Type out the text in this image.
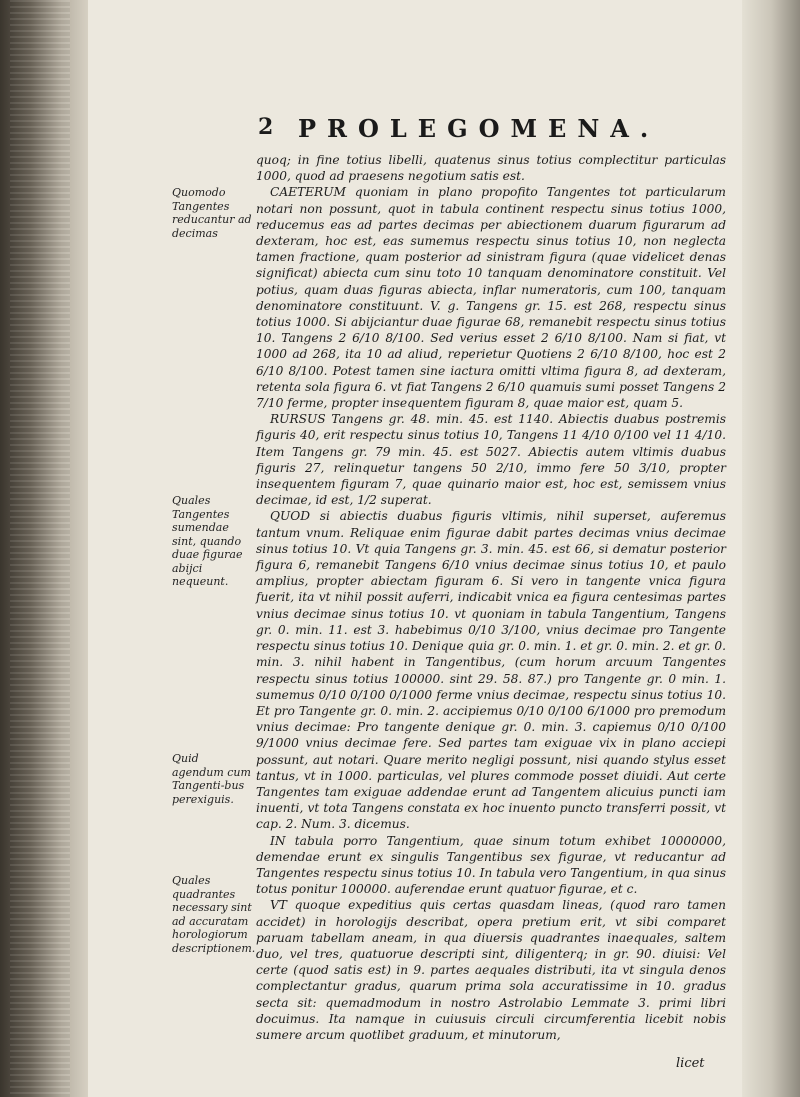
2 PROLEGOMENA.

quoq; in fine totius libelli, quatenus sinus totius complectitur particulas 1000, quod ad praesens negotium satis est.

CAETERUM quoniam in plano propofito Tangentes tot particularum notari non possunt, quot in tabula continent respectu sinus totius 1000, reducemus eas ad partes decimas per abiectionem duarum figurarum ad dexteram, hoc est, eas sumemus respectu sinus totius 10, non neglecta tamen fractione, quam posterior ad sinistram figura (quae videlicet denas significat) abiecta cum sinu toto 10 tanquam denominatore constituit. Vel potius, quam duas figuras abiecta, inflar numeratoris, cum 100, tanquam denominatore constituunt. V. g. Tangens gr. 15. est 268, respectu sinus totius 1000. Si abijciantur duae figurae 68, remanebit respectu sinus totius 10. Tangens 2 6/10 8/100. Sed verius esset 2 6/10 8/100. Nam si fiat, vt 1000 ad 268, ita 10 ad aliud, reperietur Quotiens 2 6/10 8/100, hoc est 2 6/10 8/100. Potest tamen sine iactura omitti vltima figura 8, ad dexteram, retenta sola figura 6. vt fiat Tangens 2 6/10 quamuis sumi posset Tangens 2 7/10 ferme, propter insequentem figuram 8, quae maior est, quam 5.

RURSUS Tangens gr. 48. min. 45. est 1140. Abiectis duabus postremis figuris 40, erit respectu sinus totius 10, Tangens 11 4/10 0/100 vel 11 4/10. Item Tangens gr. 79 min. 45. est 5027. Abiectis autem vltimis duabus figuris 27, relinquetur tangens 50 2/10, immo fere 50 3/10, propter insequentem figuram 7, quae quinario maior est, hoc est, semissem vnius decimae, id est, 1/2 superat.

QUOD si abiectis duabus figuris vltimis, nihil superset, auferemus tantum vnum. Reliquae enim figurae dabit partes decimas vnius decimae sinus totius 10. Vt quia Tangens gr. 3. min. 45. est 66, si dematur posterior figura 6, remanebit Tangens 6/10 vnius decimae sinus totius 10, et paulo amplius, propter abiectam figuram 6. Si vero in tangente vnica figura fuerit, ita vt nihil possit auferri, indicabit vnica ea figura centesimas partes vnius decimae sinus totius 10. vt quoniam in tabula Tangentium, Tangens gr. 0. min. 11. est 3. habebimus 0/10 3/100, vnius decimae pro Tangente respectu sinus totius 10. Denique quia gr. 0. min. 1. et gr. 0. min. 2. et gr. 0. min. 3. nihil habent in Tangentibus, (cum horum arcuum Tangentes respectu sinus totius 100000. sint 29. 58. 87.) pro Tangente gr. 0 min. 1. sumemus 0/10 0/100 0/1000 ferme vnius decimae, respectu sinus totius 10. Et pro Tangente gr. 0. min. 2. accipiemus 0/10 0/100 6/1000 pro premodum vnius decimae: Pro tangente denique gr. 0. min. 3. capiemus 0/10 0/100 9/1000 vnius decimae fere. Sed partes tam exiguae vix in plano acciepi possunt, aut notari. Quare merito negligi possunt, nisi quando stylus esset tantus, vt in 1000. particulas, vel plures commode posset diuidi. Aut certe Tangentes tam exiguae addendae erunt ad Tangentem alicuius puncti iam inuenti, vt tota Tangens constata ex hoc inuento puncto transferri possit, vt cap. 2. Num. 3. dicemus.

IN tabula porro Tangentium, quae sinum totum exhibet 10000000, demendae erunt ex singulis Tangentibus sex figurae, vt reducantur ad Tangentes respectu sinus totius 10. In tabula vero Tangentium, in qua sinus totus ponitur 100000. auferendae erunt quatuor figurae, et c.

VT quoque expeditius quis certas quasdam lineas, (quod raro tamen accidet) in horologijs describat, opera pretium erit, vt sibi comparet paruam tabellam aneam, in qua diuersis quadrantes inaequales, saltem duo, vel tres, quatuorue descripti sint, diligenterq; in gr. 90. diuisi: Vel certe (quod satis est) in 9. partes aequales distributi, ita vt singula denos complectantur gradus, quarum prima sola accuratissime in 10. gradus secta sit: quemadmodum in nostro Astrolabio Lemmate 3. primi libri docuimus. Ita namque in cuiusuis circuli circumferentia licebit nobis sumere arcum quotlibet graduum, et minutorum,

Quomodo Tangentes reducantur ad decimas
Quales Tangentes sumendae sint, quando duae figurae abijci nequeunt.
Quid agendum cum Tangenti-bus perexiguis.
Quales quadrantes necessary sint ad accuratam horologiorum descriptionem.
licet
